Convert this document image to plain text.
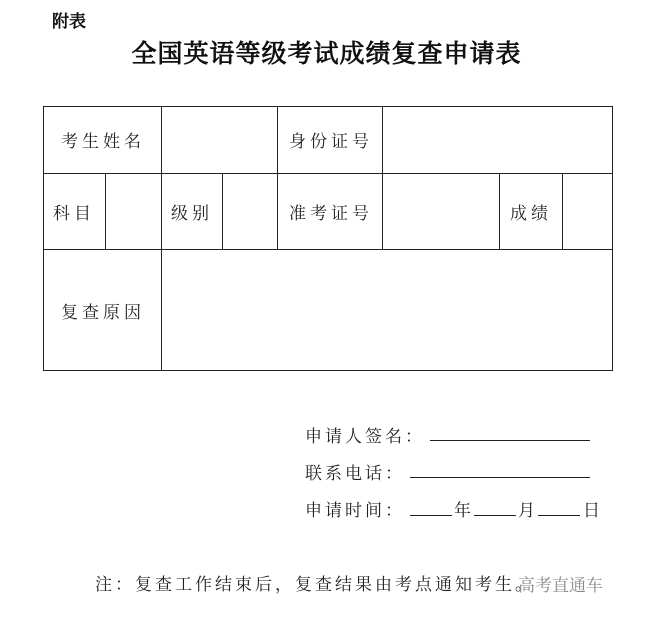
附表
全国英语等级考试成绩复查申请表
考生姓名	身份证号
科目	级别	准考证号	成绩
复查原因
申请人签名：
联系电话：
申请时间：	年	月	日
注：复查工作结束后，复查结果由考点通知考生。
高考直通车
